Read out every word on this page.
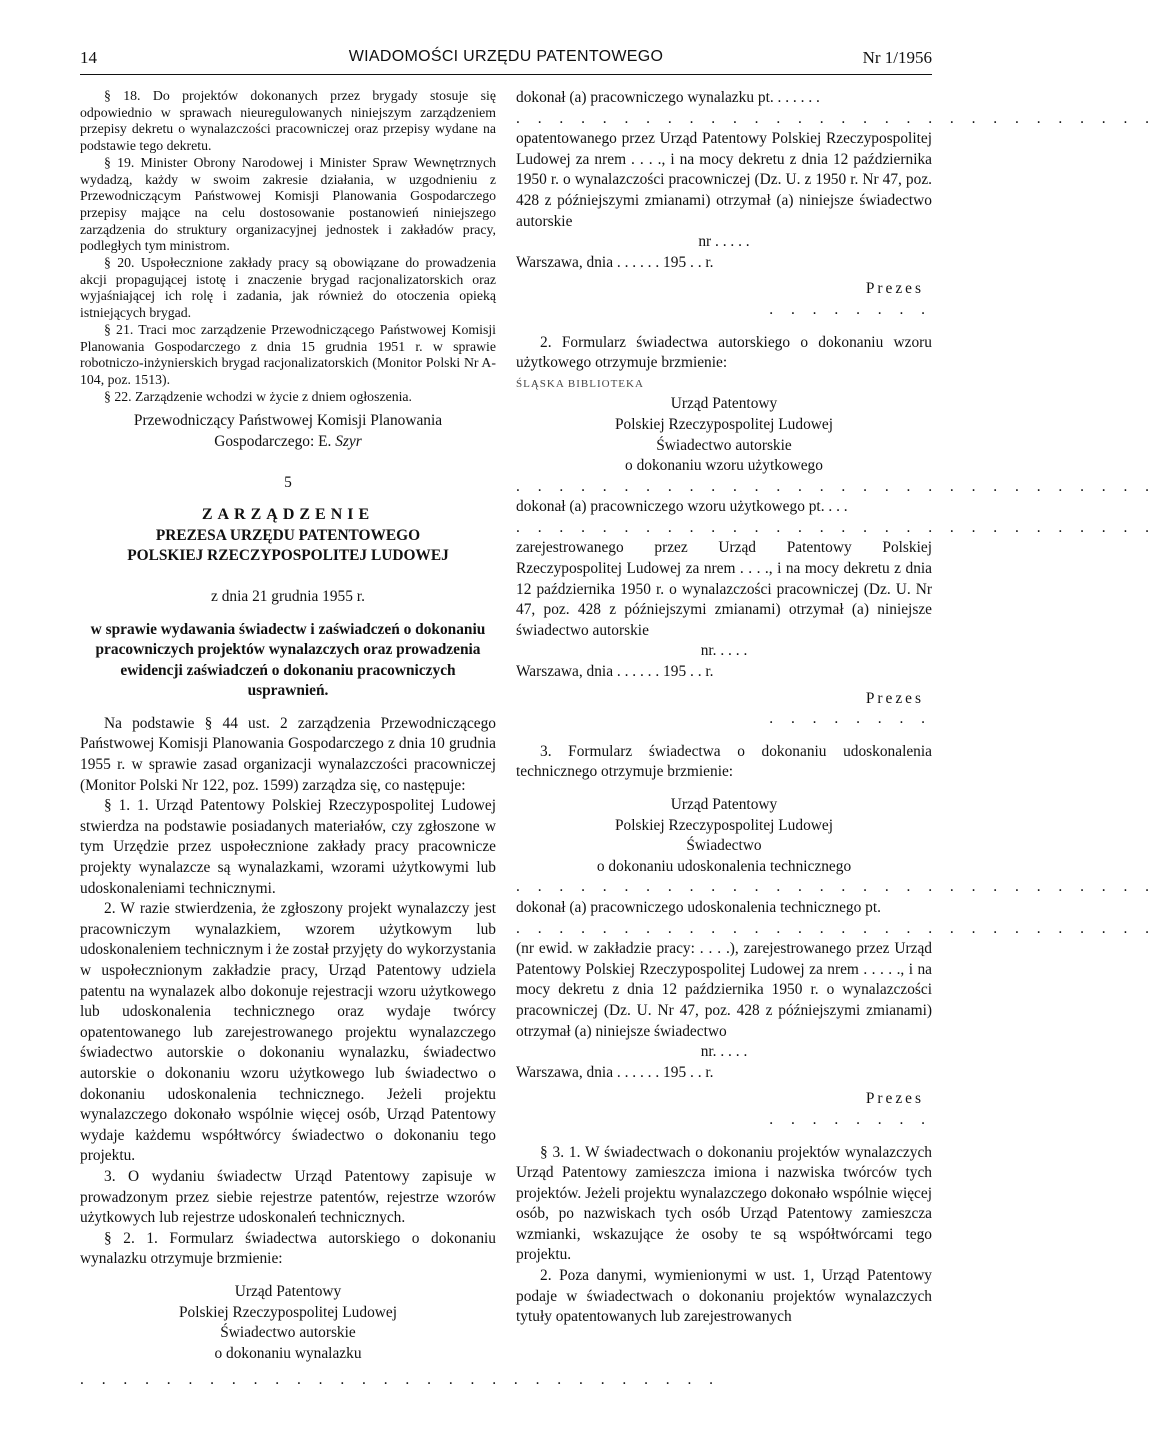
14	WIADOMOŚCI URZĘDU PATENTOWEGO	Nr 1/1956

§ 18. Do projektów dokonanych przez brygady stosuje się odpowiednio w sprawach nieuregulowanych niniejszym zarządzeniem przepisy dekretu o wynalazczości pracowniczej oraz przepisy wydane na podstawie tego dekretu.

§ 19. Minister Obrony Narodowej i Minister Spraw Wewnętrznych wydadzą, każdy w swoim zakresie działania, w uzgodnieniu z Przewodniczącym Państwowej Komisji Planowania Gospodarczego przepisy mające na celu dostosowanie postanowień niniejszego zarządzenia do struktury organizacyjnej jednostek i zakładów pracy, podległych tym ministrom.

§ 20. Uspołecznione zakłady pracy są obowiązane do prowadzenia akcji propagującej istotę i znaczenie brygad racjonalizatorskich oraz wyjaśniającej ich rolę i zadania, jak również do otoczenia opieką istniejących brygad.

§ 21. Traci moc zarządzenie Przewodniczącego Państwowej Komisji Planowania Gospodarczego z dnia 15 grudnia 1951 r. w sprawie robotniczo-inżynierskich brygad racjonalizatorskich (Monitor Polski Nr A-104, poz. 1513).

§ 22. Zarządzenie wchodzi w życie z dniem ogłoszenia.

Przewodniczący Państwowej Komisji Planowania

Gospodarczego: E. Szyr

5

ZARZĄDZENIE

PREZESA URZĘDU PATENTOWEGO

POLSKIEJ RZECZYPOSPOLITEJ LUDOWEJ

z dnia 21 grudnia 1955 r.

w sprawie wydawania świadectw i zaświadczeń o dokonaniu pracowniczych projektów wynalazczych oraz prowadzenia ewidencji zaświadczeń o dokonaniu pracowniczych usprawnień.

Na podstawie § 44 ust. 2 zarządzenia Przewodniczącego Państwowej Komisji Planowania Gospodarczego z dnia 10 grudnia 1955 r. w sprawie zasad organizacji wynalazczości pracowniczej (Monitor Polski Nr 122, poz. 1599) zarządza się, co następuje:

§ 1. 1. Urząd Patentowy Polskiej Rzeczypospolitej Ludowej stwierdza na podstawie posiadanych materiałów, czy zgłoszone w tym Urzędzie przez uspołecznione zakłady pracy pracownicze projekty wynalazcze są wynalazkami, wzorami użytkowymi lub udoskonaleniami technicznymi.

2. W razie stwierdzenia, że zgłoszony projekt wynalazczy jest pracowniczym wynalazkiem, wzorem użytkowym lub udoskonaleniem technicznym i że został przyjęty do wykorzystania w uspołecznionym zakładzie pracy, Urząd Patentowy udziela patentu na wynalazek albo dokonuje rejestracji wzoru użytkowego lub udoskonalenia technicznego oraz wydaje twórcy opatentowanego lub zarejestrowanego projektu wynalazczego świadectwo autorskie o dokonaniu wynalazku, świadectwo autorskie o dokonaniu wzoru użytkowego lub świadectwo o dokonaniu udoskonalenia technicznego. Jeżeli projektu wynalazczego dokonało wspólnie więcej osób, Urząd Patentowy wydaje każdemu współtwórcy świadectwo o dokonaniu tego projektu.

3. O wydaniu świadectw Urząd Patentowy zapisuje w prowadzonym przez siebie rejestrze patentów, rejestrze wzorów użytkowych lub rejestrze udoskonaleń technicznych.

§ 2. 1. Formularz świadectwa autorskiego o dokonaniu wynalazku otrzymuje brzmienie:

Urząd Patentowy

Polskiej Rzeczypospolitej Ludowej

Świadectwo autorskie

o dokonaniu wynalazku

. . . . . . . . . . . . . . . . . . . . . . . . . . . . . .

dokonał (a) pracowniczego wynalazku pt. . . . . . .

. . . . . . . . . . . . . . . . . . . . . . . . . . . . . .

opatentowanego przez Urząd Patentowy Polskiej Rzeczypospolitej Ludowej za nrem . . . ., i na mocy dekretu z dnia 12 października 1950 r. o wynalazczości pracowniczej (Dz. U. z 1950 r. Nr 47, poz. 428 z późniejszymi zmianami) otrzymał (a) niniejsze świadectwo autorskie

nr . . . . .

Warszawa, dnia . . . . . . 195 . . r.

Prezes

. . . . . . . .

2. Formularz świadectwa autorskiego o dokonaniu wzoru użytkowego otrzymuje brzmienie:

ŚLĄSKA BIBLIOTEKA

Urząd Patentowy

Polskiej Rzeczypospolitej Ludowej

Świadectwo autorskie

o dokonaniu wzoru użytkowego

. . . . . . . . . . . . . . . . . . . . . . . . . . . . . .

dokonał (a) pracowniczego wzoru użytkowego pt. . . .

. . . . . . . . . . . . . . . . . . . . . . . . . . . . . .

zarejestrowanego przez Urząd Patentowy Polskiej Rzeczypospolitej Ludowej za nrem . . . ., i na mocy dekretu z dnia 12 października 1950 r. o wynalazczości pracowniczej (Dz. U. Nr 47, poz. 428 z późniejszymi zmianami) otrzymał (a) niniejsze świadectwo autorskie

nr. . . . .

Warszawa, dnia . . . . . . 195 . . r.

Prezes

. . . . . . . .

3. Formularz świadectwa o dokonaniu udoskonalenia technicznego otrzymuje brzmienie:

Urząd Patentowy

Polskiej Rzeczypospolitej Ludowej

Świadectwo

o dokonaniu udoskonalenia technicznego

. . . . . . . . . . . . . . . . . . . . . . . . . . . . . .

dokonał (a) pracowniczego udoskonalenia technicznego pt.

. . . . . . . . . . . . . . . . . . . . . . . . . . . . . .

(nr ewid. w zakładzie pracy: . . . .), zarejestrowanego przez Urząd Patentowy Polskiej Rzeczypospolitej Ludowej za nrem . . . . ., i na mocy dekretu z dnia 12 października 1950 r. o wynalazczości pracowniczej (Dz. U. Nr 47, poz. 428 z późniejszymi zmianami) otrzymał (a) niniejsze świadectwo

nr. . . . .

Warszawa, dnia . . . . . . 195 . . r.

Prezes

. . . . . . . .

§ 3. 1. W świadectwach o dokonaniu projektów wynalazczych Urząd Patentowy zamieszcza imiona i nazwiska twórców tych projektów. Jeżeli projektu wynalazczego dokonało wspólnie więcej osób, po nazwiskach tych osób Urząd Patentowy zamieszcza wzmianki, wskazujące że osoby te są współtwórcami tego projektu.

2. Poza danymi, wymienionymi w ust. 1, Urząd Patentowy podaje w świadectwach o dokonaniu projektów wynalazczych tytuły opatentowanych lub zarejestrowanych
